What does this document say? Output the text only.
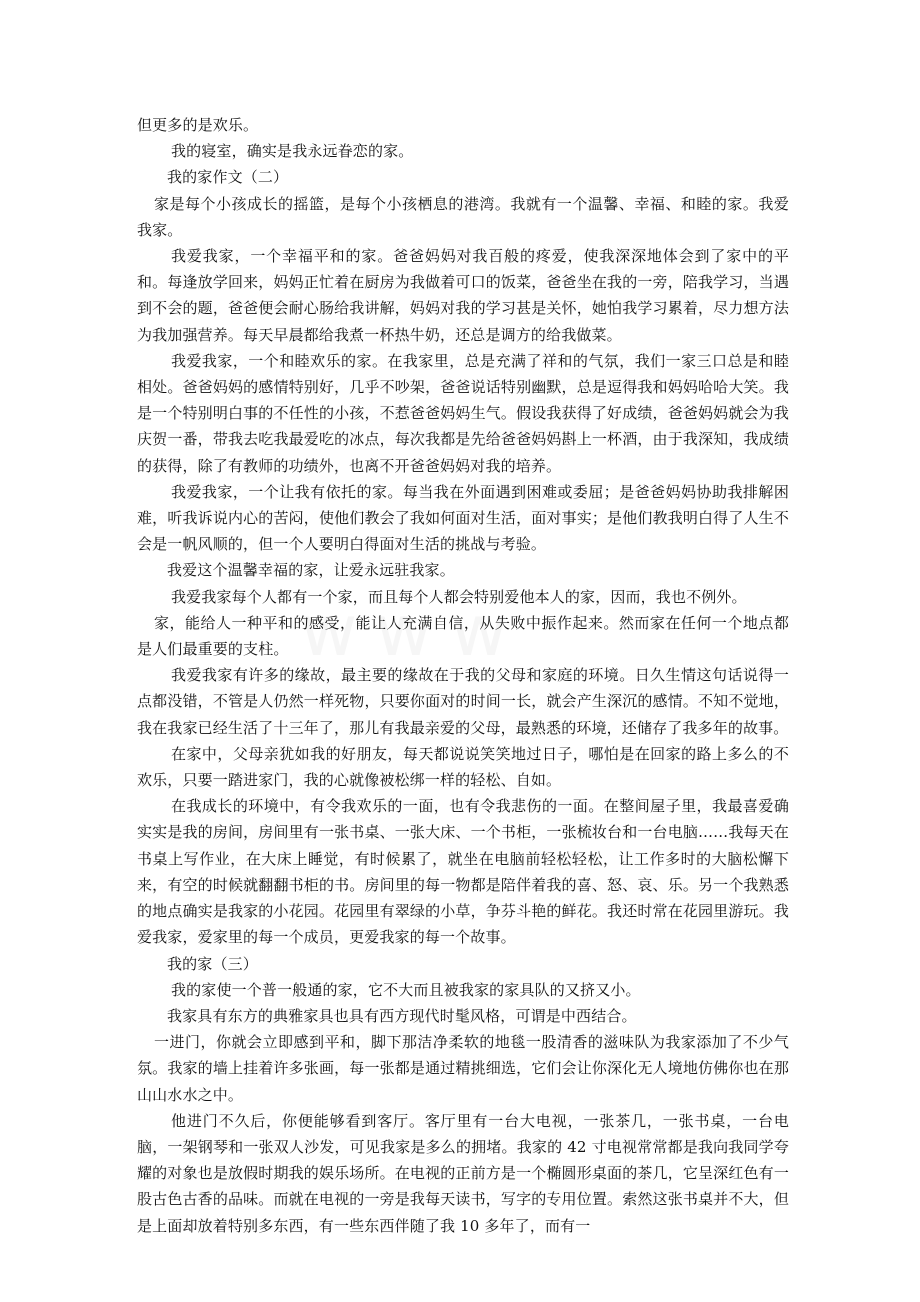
但更多的是欢乐。

我的寝室，确实是我永远眷恋的家。

我的家作文（二）

家是每个小孩成长的摇篮，是每个小孩栖息的港湾。我就有一个温馨、幸福、和睦的家。我爱我家。

我爱我家，一个幸福平和的家。爸爸妈妈对我百般的疼爱，使我深深地体会到了家中的平和。每逢放学回来，妈妈正忙着在厨房为我做着可口的饭菜，爸爸坐在我的一旁，陪我学习，当遇到不会的题，爸爸便会耐心肠给我讲解，妈妈对我的学习甚是关怀，她怕我学习累着，尽力想方法为我加强营养。每天早晨都给我煮一杯热牛奶，还总是调方的给我做菜。

我爱我家，一个和睦欢乐的家。在我家里，总是充满了祥和的气氛，我们一家三口总是和睦相处。爸爸妈妈的感情特别好，几乎不吵架，爸爸说话特别幽默，总是逗得我和妈妈哈哈大笑。我是一个特别明白事的不任性的小孩，不惹爸爸妈妈生气。假设我获得了好成绩，爸爸妈妈就会为我庆贺一番，带我去吃我最爱吃的冰点，每次我都是先给爸爸妈妈斟上一杯酒，由于我深知，我成绩的获得，除了有教师的功绩外，也离不开爸爸妈妈对我的培养。

我爱我家，一个让我有依托的家。每当我在外面遇到困难或委屈；是爸爸妈妈协助我排解困难，听我诉说内心的苦闷，使他们教会了我如何面对生活，面对事实；是他们教我明白得了人生不会是一帆风顺的，但一个人要明白得面对生活的挑战与考验。

我爱这个温馨幸福的家，让爱永远驻我家。

我爱我家每个人都有一个家，而且每个人都会特别爱他本人的家，因而，我也不例外。

家，能给人一种平和的感受，能让人充满自信，从失败中振作起来。然而家在任何一个地点都是人们最重要的支柱。

我爱我家有许多的缘故，最主要的缘故在于我的父母和家庭的环境。日久生情这句话说得一点都没错，不管是人仍然一样死物，只要你面对的时间一长，就会产生深沉的感情。不知不觉地，我在我家已经生活了十三年了，那儿有我最亲爱的父母，最熟悉的环境，还储存了我多年的故事。

在家中，父母亲犹如我的好朋友，每天都说说笑笑地过日子，哪怕是在回家的路上多么的不欢乐，只要一踏进家门，我的心就像被松绑一样的轻松、自如。

在我成长的环境中，有令我欢乐的一面，也有令我悲伤的一面。在整间屋子里，我最喜爱确实实是我的房间，房间里有一张书桌、一张大床、一个书柜，一张梳妆台和一台电脑……我每天在书桌上写作业，在大床上睡觉，有时候累了，就坐在电脑前轻松轻松，让工作多时的大脑松懈下来，有空的时候就翻翻书柜的书。房间里的每一物都是陪伴着我的喜、怒、哀、乐。另一个我熟悉的地点确实是我家的小花园。花园里有翠绿的小草，争芬斗艳的鲜花。我还时常在花园里游玩。我爱我家，爱家里的每一个成员，更爱我家的每一个故事。

我的家（三）

我的家使一个普一般通的家，它不大而且被我家的家具队的又挤又小。

我家具有东方的典雅家具也具有西方现代时髦风格，可谓是中西结合。

一进门，你就会立即感到平和，脚下那洁净柔软的地毯一股清香的滋味队为我家添加了不少气氛。我家的墙上挂着许多张画，每一张都是通过精挑细选，它们会让你深化无人境地仿佛你也在那山山水水之中。

他进门不久后，你便能够看到客厅。客厅里有一台大电视，一张茶几，一张书桌，一台电脑，一架钢琴和一张双人沙发，可见我家是多么的拥堵。我家的 42 寸电视常常都是我向我同学夸耀的对象也是放假时期我的娱乐场所。在电视的正前方是一个椭圆形桌面的茶几，它呈深红色有一股古色古香的品味。而就在电视的一旁是我每天读书，写字的专用位置。索然这张书桌并不大，但是上面却放着特别多东西，有一些东西伴随了我 10 多年了，而有一
